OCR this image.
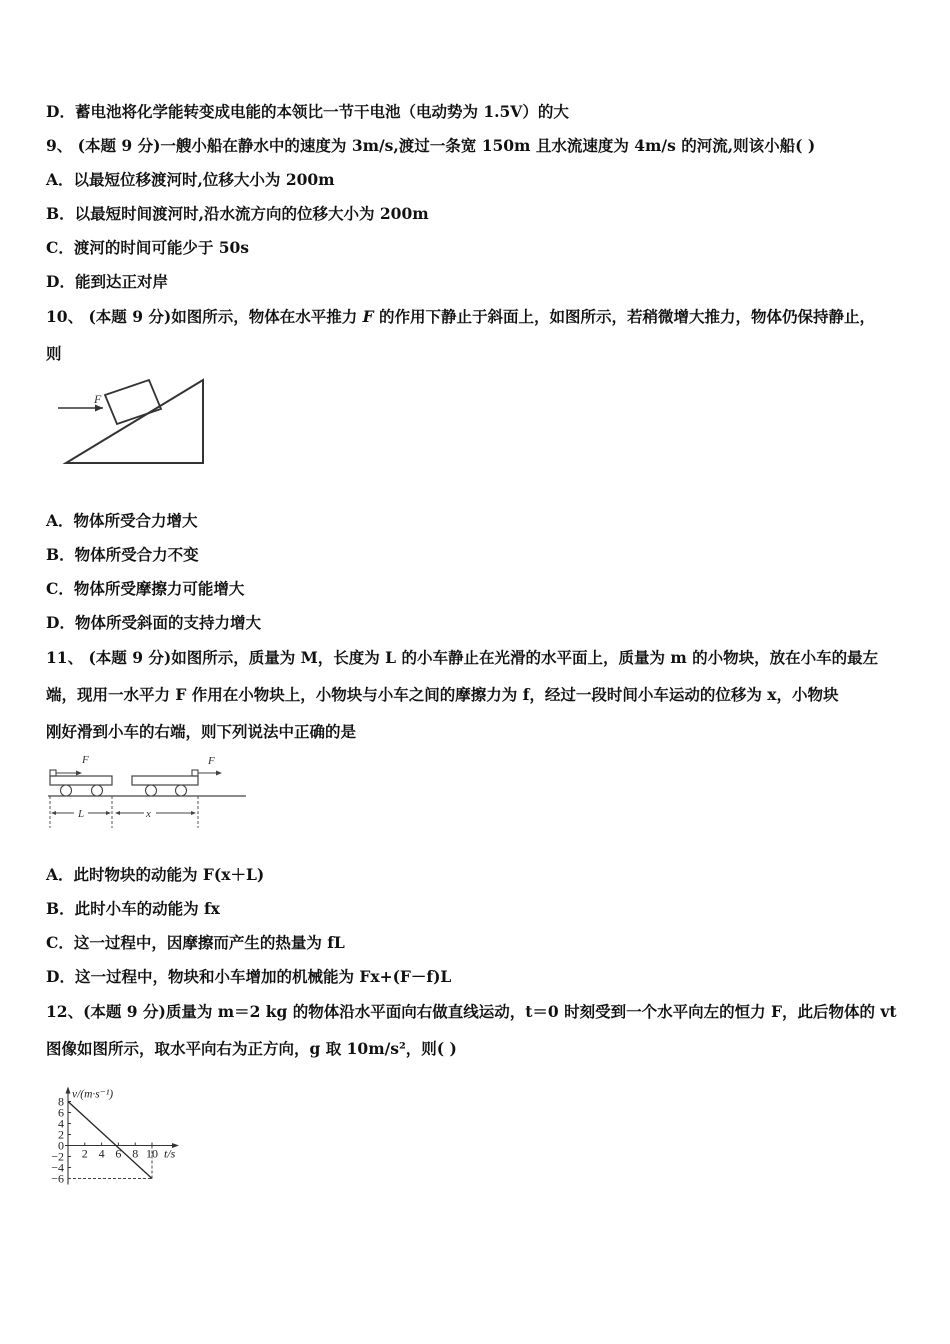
D．蓄电池将化学能转变成电能的本领比一节干电池（电动势为 1.5V）的大
9、 (本题 9 分)一艘小船在静水中的速度为 3m/s,渡过一条宽 150m 且水流速度为 4m/s 的河流,则该小船( )
A．以最短位移渡河时,位移大小为 200m
B．以最短时间渡河时,沿水流方向的位移大小为 200m
C．渡河的时间可能少于 50s
D．能到达正对岸
10、 (本题 9 分)如图所示，物体在水平推力 F 的作用下静止于斜面上，如图所示，若稍微增大推力，物体仍保持静止，
则
F
A．物体所受合力增大
B．物体所受合力不变
C．物体所受摩擦力可能增大
D．物体所受斜面的支持力增大
11、 (本题 9 分)如图所示，质量为 M，长度为 L 的小车静止在光滑的水平面上，质量为 m 的小物块，放在小车的最左
端，现用一水平力 F 作用在小物块上，小物块与小车之间的摩擦力为 f，经过一段时间小车运动的位移为 x，小物块
刚好滑到小车的右端，则下列说法中正确的是
F	F
L	x
A．此时物块的动能为 F(x＋L)
B．此时小车的动能为 fx
C．这一过程中，因摩擦而产生的热量为 fL
D．这一过程中，物块和小车增加的机械能为 Fx+(F－f)L
12、(本题 9 分)质量为 m＝2 kg 的物体沿水平面向右做直线运动，t＝0 时刻受到一个水平向左的恒力 F，此后物体的 vt
图像如图所示，取水平向右为正方向，g 取 10m/s²，则( )
8
6
4
2
0
−2
−4
−6
2 4 6 8 10
v/(m·s⁻¹)
t/s
